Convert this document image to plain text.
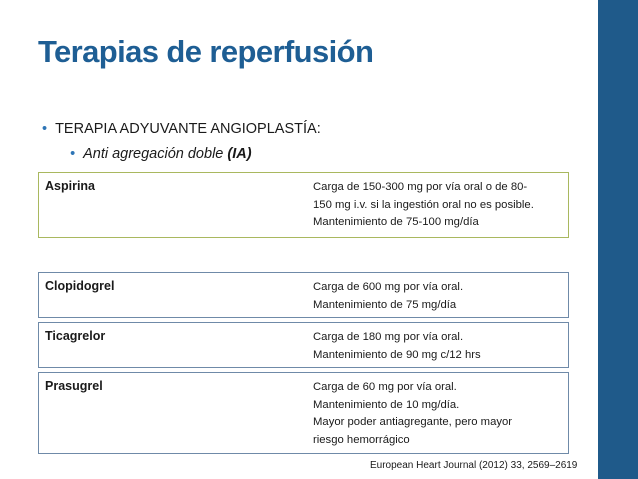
Terapias de reperfusión
• TERAPIA ADYUVANTE ANGIOPLASTÍA:
• Anti agregación doble (IA)
Aspirina	Carga de 150-300 mg por vía oral o de 80-
150 mg i.v. si la ingestión oral no es posible.
Mantenimiento de 75-100 mg/día
Clopidogrel	Carga de 600 mg por vía oral.
Mantenimiento de 75 mg/día
Ticagrelor	Carga de 180 mg por vía oral.
Mantenimiento de 90 mg c/12 hrs
Prasugrel	Carga de 60 mg por vía oral.
Mantenimiento de 10 mg/día.
Mayor poder antiagregante, pero mayor
riesgo hemorrágico
European Heart Journal (2012) 33, 2569–2619
